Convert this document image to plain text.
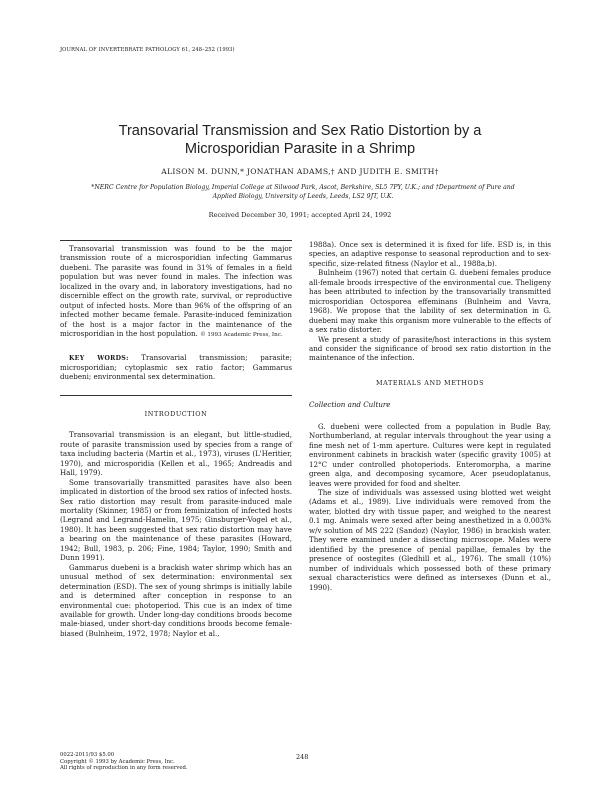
JOURNAL OF INVERTEBRATE PATHOLOGY 61, 248–252 (1993)
Transovarial Transmission and Sex Ratio Distortion by a
Microsporidian Parasite in a Shrimp
ALISON M. DUNN,* JONATHAN ADAMS,† AND JUDITH E. SMITH†
*NERC Centre for Population Biology, Imperial College at Silwood Park, Ascot, Berkshire, SL5 7PY, U.K.; and †Department of Pure and Applied Biology, University of Leeds, Leeds, LS2 9JT, U.K.
Received December 30, 1991; accepted April 24, 1992

Transovarial transmission was found to be the major transmission route of a microsporidian infecting Gammarus duebeni. The parasite was found in 31% of females in a field population but was never found in males. The infection was localized in the ovary and, in laboratory investigations, had no discernible effect on the growth rate, survival, or reproductive output of infected hosts. More than 96% of the offspring of an infected mother became female. Parasite-induced feminization of the host is a major factor in the maintenance of the microsporidian in the host population. © 1993 Academic Press, Inc.

KEY WORDS: Transovarial transmission; parasite; microsporidian; cytoplasmic sex ratio factor; Gammarus duebeni; environmental sex determination.

INTRODUCTION

Transovarial transmission is an elegant, but little-studied, route of parasite transmission used by species from a range of taxa including bacteria (Martin et al., 1973), viruses (L'Heritier, 1970), and microsporidia (Kellen et al., 1965; Andreadis and Hall, 1979).

Some transovarially transmitted parasites have also been implicated in distortion of the brood sex ratios of infected hosts. Sex ratio distortion may result from parasite-induced male mortality (Skinner, 1985) or from feminization of infected hosts (Legrand and Legrand-Hamelin, 1975; Ginsburger-Vogel et al., 1980). It has been suggested that sex ratio distortion may have a bearing on the maintenance of these parasites (Howard, 1942; Bull, 1983, p. 206; Fine, 1984; Taylor, 1990; Smith and Dunn 1991).

Gammarus duebeni is a brackish water shrimp which has an unusual method of sex determination: environmental sex determination (ESD). The sex of young shrimps is initially labile and is determined after conception in response to an environmental cue: photoperiod. This cue is an index of time available for growth. Under long-day conditions broods become male-biased, under short-day conditions broods become female-biased (Bulnheim, 1972, 1978; Naylor et al.,

1988a). Once sex is determined it is fixed for life. ESD is, in this species, an adaptive response to seasonal reproduction and to sex-specific, size-related fitness (Naylor et al., 1988a,b).

Bulnheim (1967) noted that certain G. duebeni females produce all-female broods irrespective of the environmental cue. Theligeny has been attributed to infection by the transovarially transmitted microsporidian Octosporea effeminans (Bulnheim and Vavra, 1968). We propose that the lability of sex determination in G. duebeni may make this organism more vulnerable to the effects of a sex ratio distorter.

We present a study of parasite/host interactions in this system and consider the significance of brood sex ratio distortion in the maintenance of the infection.

MATERIALS AND METHODS

Collection and Culture

G. duebeni were collected from a population in Budle Bay, Northumberland, at regular intervals throughout the year using a fine mesh net of 1-mm aperture. Cultures were kept in regulated environment cabinets in brackish water (specific gravity 1005) at 12°C under controlled photoperiods. Enteromorpha, a marine green alga, and decomposing sycamore, Acer pseudoplatanus, leaves were provided for food and shelter.

The size of individuals was assessed using blotted wet weight (Adams et al., 1989). Live individuals were removed from the water, blotted dry with tissue paper, and weighed to the nearest 0.1 mg. Animals were sexed after being anesthetized in a 0.003% w/v solution of MS 222 (Sandoz) (Naylor, 1986) in brackish water. They were examined under a dissecting microscope. Males were identified by the presence of penial papillae, females by the presence of oostegites (Gledhill et al., 1976). The small (10%) number of individuals which possessed both of these primary sexual characteristics were defined as intersexes (Dunn et al., 1990).

248
0022-2011/93 $5.00
Copyright © 1993 by Academic Press, Inc.
All rights of reproduction in any form reserved.
